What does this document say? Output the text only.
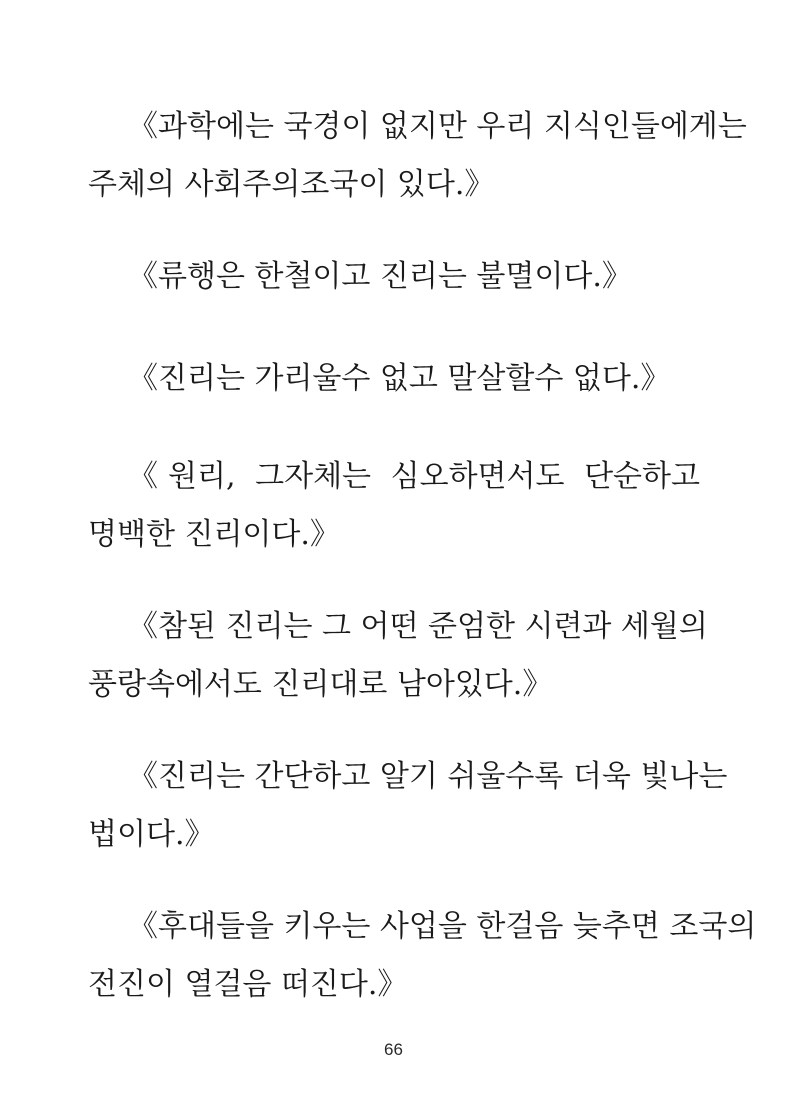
《과학에는 국경이 없지만 우리 지식인들에게는
주체의 사회주의조국이 있다.》

《류행은 한철이고 진리는 불멸이다.》

《진리는 가리울수 없고 말살할수 없다.》

《원리, 그자체는 심오하면서도 단순하고
명백한 진리이다.》

《참된 진리는 그 어떤 준엄한 시련과 세월의
풍랑속에서도 진리대로 남아있다.》

《진리는 간단하고 알기 쉬울수록 더욱 빛나는
법이다.》

《후대들을 키우는 사업을 한걸음 늦추면 조국의
전진이 열걸음 떠진다.》

66
